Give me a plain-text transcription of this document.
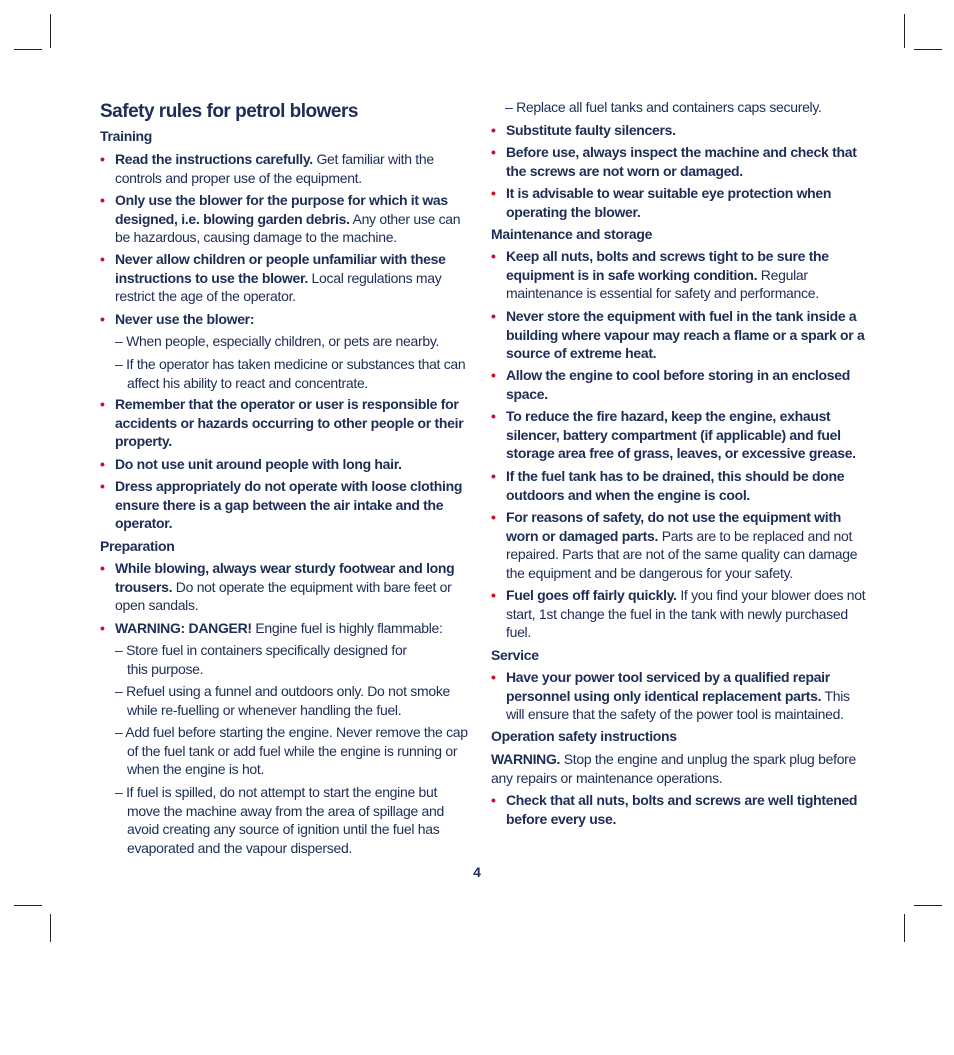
Safety rules for petrol blowers
Training
• Read the instructions carefully. Get familiar with the controls and proper use of the equipment.
• Only use the blower for the purpose for which it was designed, i.e. blowing garden debris. Any other use can be hazardous, causing damage to the machine.
• Never allow children or people unfamiliar with these instructions to use the blower. Local regulations may restrict the age of the operator.
• Never use the blower:
– When people, especially children, or pets are nearby.
– If the operator has taken medicine or substances that can affect his ability to react and concentrate.
• Remember that the operator or user is responsible for accidents or hazards occurring to other people or their property.
• Do not use unit around people with long hair.
• Dress appropriately do not operate with loose clothing ensure there is a gap between the air intake and the operator.
Preparation
• While blowing, always wear sturdy footwear and long trousers. Do not operate the equipment with bare feet or open sandals.
• WARNING: DANGER! Engine fuel is highly flammable:
– Store fuel in containers specifically designed for this purpose.
– Refuel using a funnel and outdoors only. Do not smoke while re-fuelling or whenever handling the fuel.
– Add fuel before starting the engine. Never remove the cap of the fuel tank or add fuel while the engine is running or when the engine is hot.
– If fuel is spilled, do not attempt to start the engine but move the machine away from the area of spillage and avoid creating any source of ignition until the fuel has evaporated and the vapour dispersed.
– Replace all fuel tanks and containers caps securely.
• Substitute faulty silencers.
• Before use, always inspect the machine and check that the screws are not worn or damaged.
• It is advisable to wear suitable eye protection when operating the blower.
Maintenance and storage
• Keep all nuts, bolts and screws tight to be sure the equipment is in safe working condition. Regular maintenance is essential for safety and performance.
• Never store the equipment with fuel in the tank inside a building where vapour may reach a flame or a spark or a source of extreme heat.
• Allow the engine to cool before storing in an enclosed space.
• To reduce the fire hazard, keep the engine, exhaust silencer, battery compartment (if applicable) and fuel storage area free of grass, leaves, or excessive grease.
• If the fuel tank has to be drained, this should be done outdoors and when the engine is cool.
• For reasons of safety, do not use the equipment with worn or damaged parts. Parts are to be replaced and not repaired. Parts that are not of the same quality can damage the equipment and be dangerous for your safety.
• Fuel goes off fairly quickly. If you find your blower does not start, 1st change the fuel in the tank with newly purchased fuel.
Service
• Have your power tool serviced by a qualified repair personnel using only identical replacement parts. This will ensure that the safety of the power tool is maintained.
Operation safety instructions
WARNING. Stop the engine and unplug the spark plug before any repairs or maintenance operations.
• Check that all nuts, bolts and screws are well tightened before every use.
4
